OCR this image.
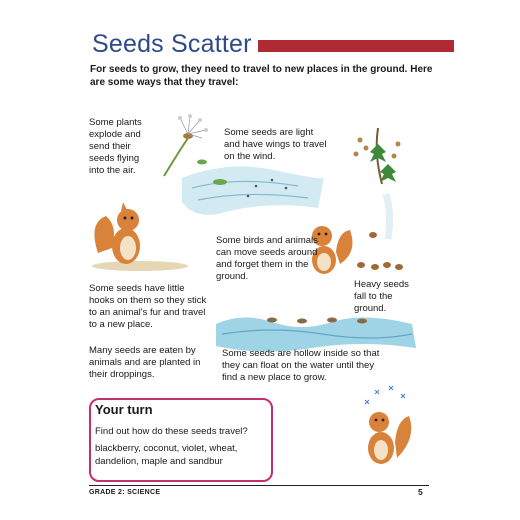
Seeds Scatter
For seeds to grow, they need to travel to new places in the ground. Here are some ways that they travel:
Some plants explode and send their seeds flying into the air.
Some seeds are light and have wings to travel on the wind.
Some birds and animals can move seeds around and forget them in the ground.
Heavy seeds fall to the ground.
Some seeds have little hooks on them so they stick to an animal's fur and travel to a new place.
Many seeds are eaten by animals and are planted in their droppings.
Some seeds are hollow inside so that they can float on the water until they find a new place to grow.
Your turn
Find out how do these seeds travel?
blackberry, coconut, violet, wheat, dandelion, maple and sandbur
GRADE 2: SCIENCE	5
